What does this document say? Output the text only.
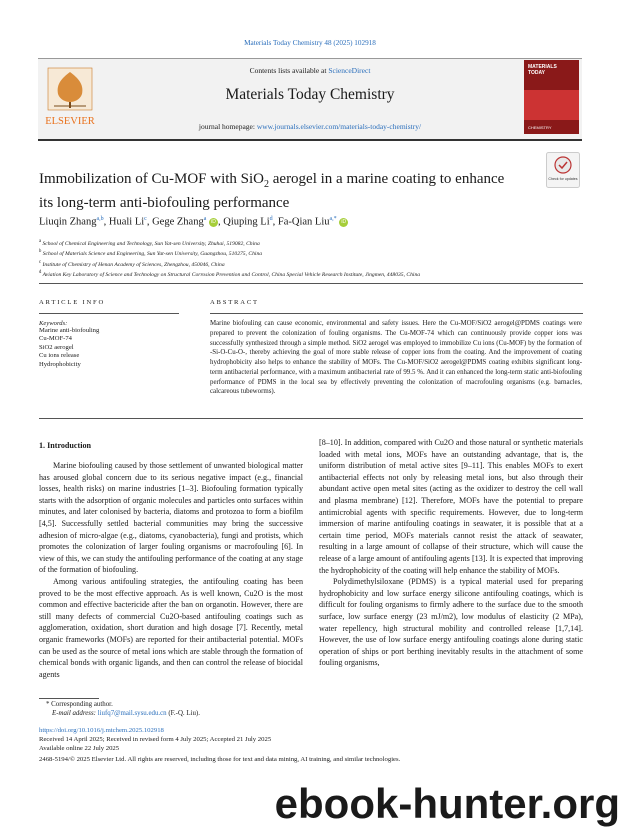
Materials Today Chemistry 48 (2025) 102918
ELSEVIER
Contents lists available at ScienceDirect
Materials Today Chemistry
journal homepage: www.journals.elsevier.com/materials-today-chemistry/
MATERIALS
TODAY
CHEMISTRY
Immobilization of Cu-MOF with SiO$_2$ aerogel in a marine coating to enhance its long-term anti-biofouling performance
Check for updates
Liuqin Zhang$^{a,b}$, Huali Li$^c$, Gege Zhang$^a$ iD , Qiuping Li$^d$, Fa-Qian Liu$^{a,*}$ iD
$^a$ School of Chemical Engineering and Technology, Sun Yat-sen University, Zhuhai, 519082, China
$^b$ School of Materials Science and Engineering, Sun Yat-sen University, Guangzhou, 510275, China
$^c$ Institute of Chemistry of Henan Academy of Sciences, Zhengzhou, 450046, China
$^d$ Aviation Key Laboratory of Science and Technology on Structural Corrosion Prevention and Control, China Special Vehicle Research Institute, Jingmen, 448035, China
ARTICLE INFO	ABSTRACT
Keywords:
Marine anti-biofouling
Cu-MOF-74
SiO2 aerogel
Cu ions release
Hydrophobicity
Marine biofouling can cause economic, environmental and safety issues. Here the Cu-MOF/SiO2 aerogel@PDMS coatings were prepared to prevent the colonization of fouling organisms. The Cu-MOF-74 which can continuously provide copper ions was successfully synthesized through a simple method. SiO2 aerogel was employed to immobilize Cu ions (Cu-MOF) by the formation of -Si-O-Cu-O-, thereby achieving the goal of more stable release of copper ions from the coating. And the improvement of coating hydrophobicity also helps to enhance the stability of MOFs. The Cu-MOF/SiO2 aerogel@PDMS coating exhibits significant long-term antibacterial performance, with a maximum antibacterial rate of 99.5 %. And it can enhanced the long-term static anti-biofouling performance of PDMS in the local sea by effectively preventing the colonization of macrofouling organisms (e.g. barnacles, calcareous tubeworms).
1. Introduction

Marine biofouling caused by those settlement of unwanted biological matter has aroused global concern due to its serious negative impact (e.g., financial losses, health risks) on marine industries [1–3]. Biofouling formation typically starts with the adsorption of organic molecules and particles onto surfaces within minutes, and later colonised by bacteria, diatoms and protozoa to form a biofilm [4,5]. Successfully settled bacterial communities may bring the successive adhesion of micro-algae (e.g., diatoms, cyanobacteria), fungi and protists, which promotes the colonization of larger fouling organisms or macrofouling [6]. In view of this, we can study the antifouling performance of the coating at any stage of the formation of biofouling.

Among various antifouling strategies, the antifouling coating has been proved to be the most effective approach. As is well known, Cu2O is the most common and effective bactericide after the ban on organotin. However, there are still many defects of commercial Cu2O-based antifouling coatings such as agglomeration, oxidation, short duration and high dosage [7]. Recently, metal organic frameworks (MOFs) are reported for their antibacterial potential. MOFs can be used as the source of metal ions which are stable through the formation of chemical bonds with organic ligands, and then can control the release of biocidal agents

[8–10]. In addition, compared with Cu2O and those natural or synthetic materials loaded with metal ions, MOFs have an outstanding advantage, that is, the uniform distribution of metal active sites [9–11]. This enables MOFs to exert antibacterial effects not only by releasing metal ions, but also through their abundant active open metal sites (acting as the oxidizer to destroy the cell wall and plasma membrane) [12]. Therefore, MOFs have the potential to prepare antimicrobial agents with specific requirements. However, due to long-term immersion of marine antifouling coatings in seawater, it is possible that at a certain time period, MOFs materials cannot resist the attack of seawater, resulting in a large amount of collapse of their structure, which will cause the release of a large amount of antifouling agents [13]. It is expected that improving the hydrophobicity of the coating will help enhance the stability of MOFs.

Polydimethylsiloxane (PDMS) is a typical material used for preparing hydrophobicity and low surface energy silicone antifouling coatings, which is difficult for fouling organisms to firmly adhere to the surface due to the smooth surface, low surface energy (23 mJ/m2), low modulus of elasticity (2 MPa), water repellency, high structural mobility and controlled release [1,7,14]. However, the use of low surface energy antifouling coatings alone during static operation of ships or port berthing inevitably results in the attachment of some fouling organisms,

* Corresponding author.
E-mail address: liufq7@mail.sysu.edu.cn (F.-Q. Liu).
https://doi.org/10.1016/j.mtchem.2025.102918
Received 14 April 2025; Received in revised form 4 July 2025; Accepted 21 July 2025
Available online 22 July 2025
2468-5194/© 2025 Elsevier Ltd. All rights are reserved, including those for text and data mining, AI training, and similar technologies.
ebook-hunter.org
